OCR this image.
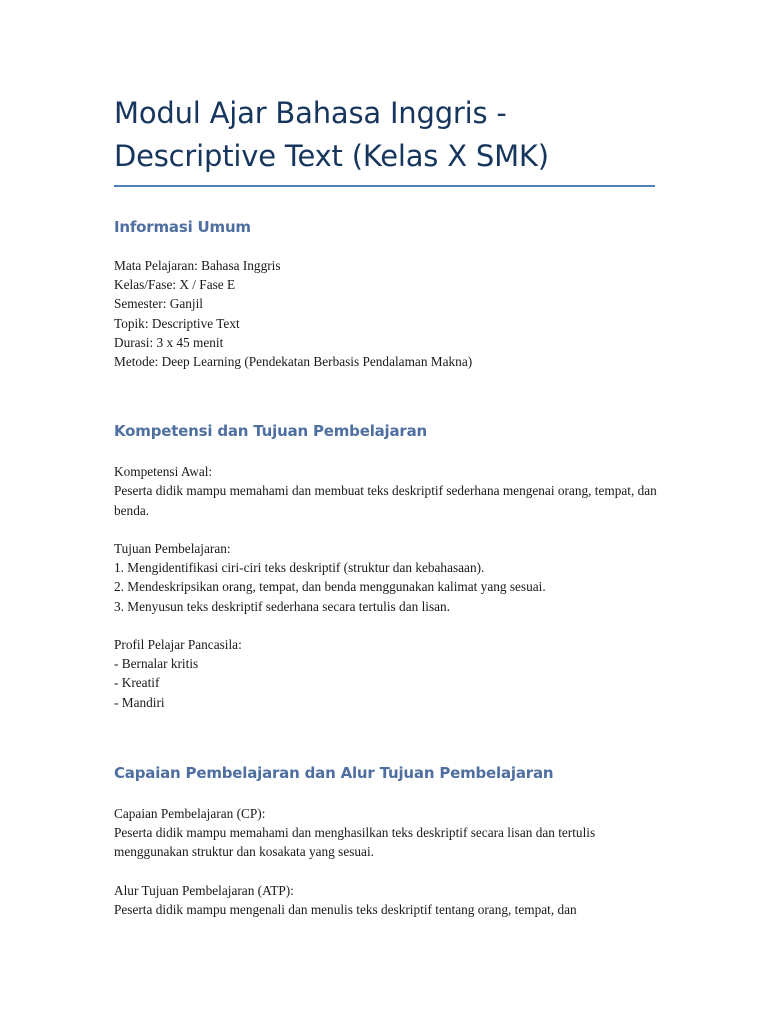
Modul Ajar Bahasa Inggris - Descriptive Text (Kelas X SMK)
Informasi Umum

Mata Pelajaran: Bahasa Inggris

Kelas/Fase: X / Fase E

Semester: Ganjil

Topik: Descriptive Text

Durasi: 3 x 45 menit

Metode: Deep Learning (Pendekatan Berbasis Pendalaman Makna)

Kompetensi dan Tujuan Pembelajaran

Kompetensi Awal:

Peserta didik mampu memahami dan membuat teks deskriptif sederhana mengenai orang, tempat, dan benda.

Tujuan Pembelajaran:

1. Mengidentifikasi ciri-ciri teks deskriptif (struktur dan kebahasaan).

2. Mendeskripsikan orang, tempat, dan benda menggunakan kalimat yang sesuai.

3. Menyusun teks deskriptif sederhana secara tertulis dan lisan.

Profil Pelajar Pancasila:

- Bernalar kritis

- Kreatif

- Mandiri

Capaian Pembelajaran dan Alur Tujuan Pembelajaran

Capaian Pembelajaran (CP):

Peserta didik mampu memahami dan menghasilkan teks deskriptif secara lisan dan tertulis menggunakan struktur dan kosakata yang sesuai.

Alur Tujuan Pembelajaran (ATP):

Peserta didik mampu mengenali dan menulis teks deskriptif tentang orang, tempat, dan
